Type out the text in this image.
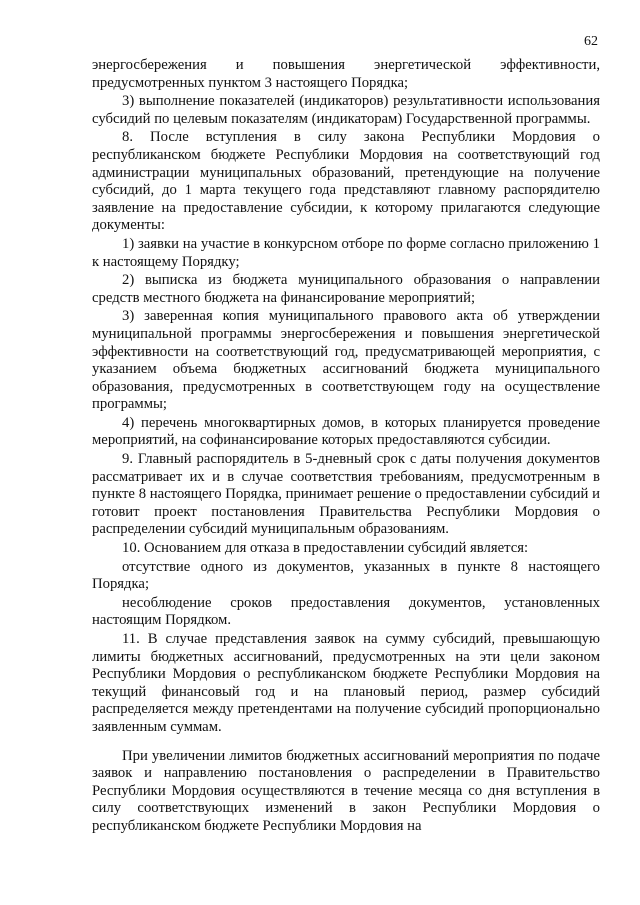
62

энергосбережения и повышения энергетической эффективности, предусмотренных пунктом 3 настоящего Порядка;

3) выполнение показателей (индикаторов) результативности использования субсидий по целевым показателям (индикаторам) Государственной программы.

8. После вступления в силу закона Республики Мордовия о республиканском бюджете Республики Мордовия на соответствующий год администрации муниципальных образований, претендующие на получение субсидий, до 1 марта текущего года представляют главному распорядителю заявление на предоставление субсидии, к которому прилагаются следующие документы:

1) заявки на участие в конкурсном отборе по форме согласно приложению 1 к настоящему Порядку;

2) выписка из бюджета муниципального образования о направлении средств местного бюджета на финансирование мероприятий;

3) заверенная копия муниципального правового акта об утверждении муниципальной программы энергосбережения и повышения энергетической эффективности на соответствующий год, предусматривающей мероприятия, с указанием объема бюджетных ассигнований бюджета муниципального образования, предусмотренных в соответствующем году на осуществление программы;

4) перечень многоквартирных домов, в которых планируется проведение мероприятий, на софинансирование которых предоставляются субсидии.

9. Главный распорядитель в 5-дневный срок с даты получения документов рассматривает их и в случае соответствия требованиям, предусмотренным в пункте 8 настоящего Порядка, принимает решение о предоставлении субсидий и готовит проект постановления Правительства Республики Мордовия о распределении субсидий муниципальным образованиям.

10. Основанием для отказа в предоставлении субсидий является:

отсутствие одного из документов, указанных в пункте 8 настоящего Порядка;

несоблюдение сроков предоставления документов, установленных настоящим Порядком.

11. В случае представления заявок на сумму субсидий, превышающую лимиты бюджетных ассигнований, предусмотренных на эти цели законом Республики Мордовия о республиканском бюджете Республики Мордовия на текущий финансовый год и на плановый период, размер субсидий распределяется между претендентами на получение субсидий пропорционально заявленным суммам.

При увеличении лимитов бюджетных ассигнований мероприятия по подаче заявок и направлению постановления о распределении в Правительство Республики Мордовия осуществляются в течение месяца со дня вступления в силу соответствующих изменений в закон Республики Мордовия о республиканском бюджете Республики Мордовия на
